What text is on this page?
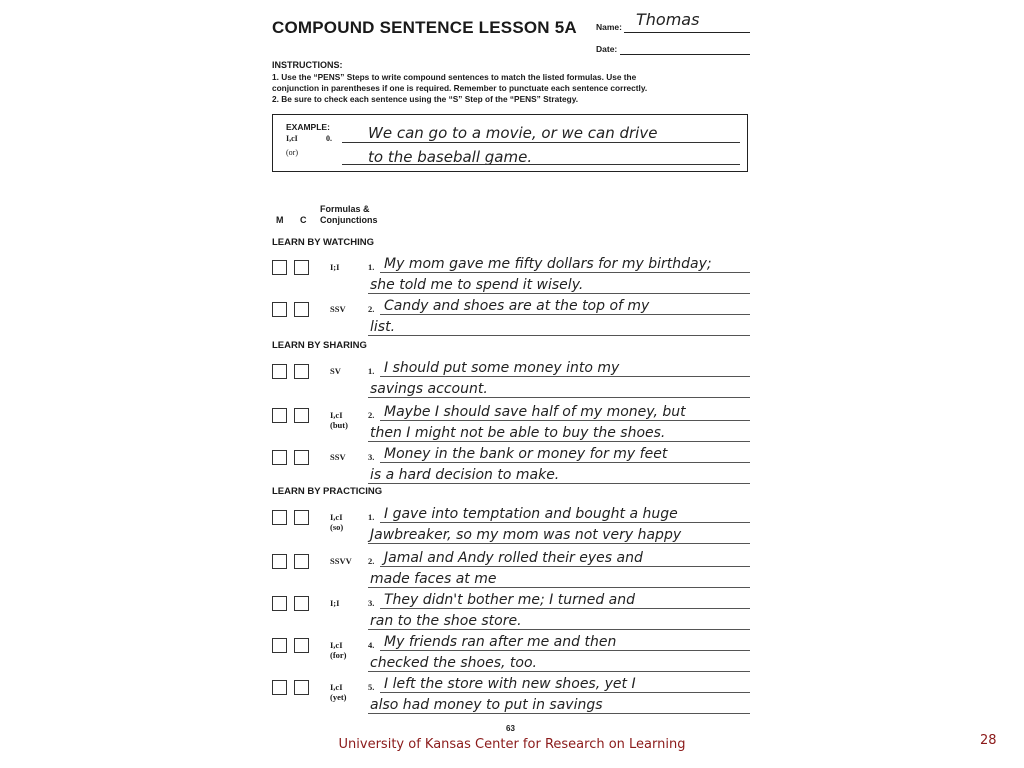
COMPOUND SENTENCE LESSON 5A Name: Thomas
Date:
INSTRUCTIONS:
1. Use the “PENS” Steps to write compound sentences to match the listed formulas. Use the
conjunction in parentheses if one is required. Remember to punctuate each sentence correctly.
2. Be sure to check each sentence using the “S” Step of the “PENS” Strategy.
EXAMPLE:
I,cI	0.
(or)
We can go to a movie, or we can drive
to the baseball game.
M C
Formulas &
Conjunctions
LEARN BY WATCHING
LEARN BY SHARING
LEARN BY PRACTICING
I;I	1. My mom gave me fifty dollars for my birthday;
she told me to spend it wisely.
SSV	2. Candy and shoes are at the top of my
list.
SV	1. I should put some money into my
savings account.
I,cI
(but)
2. Maybe I should save half of my money, but
then I might not be able to buy the shoes.
SSV	3. Money in the bank or money for my feet
is a hard decision to make.
I,cI
(so)
1. I gave into temptation and bought a huge
Jawbreaker, so my mom was not very happy
SSVV 2. Jamal and Andy rolled their eyes and
made faces at me
I;I	3. They didn't bother me; I turned and
ran to the shoe store.
I,cI
(for)
4. My friends ran after me and then
checked the shoes, too.
I,cI
(yet)
5. I left the store with new shoes, yet I
also had money to put in savings
63
University of Kansas Center for Research on Learning	28
